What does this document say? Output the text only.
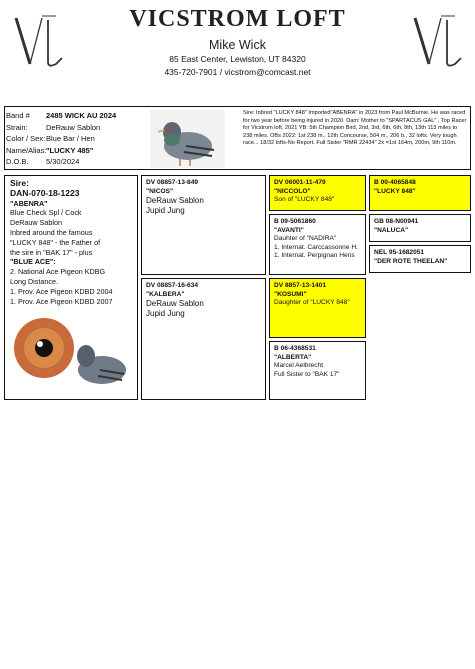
VICSTROM LOFT
Mike Wick
85 East Center, Lewiston, UT 84320
435-720-7901 / vicstrom@comcast.net
Band #	2485 WICK AU 2024
Strain:	DeRauw Sablon
Color / Sex: Blue Bar / Hen
Name/Alias: "LUCKY 485"
D.O.B.	5/30/2024
Sire: Inbred "LUCKY 848" Imported"ABENRA" in 2023 from Paul McBurnie. He was raced for two year before being injured in 2020. Dam: Mother to "SPARTACUS GAL" , Top Racer for Vicstrom loft. 2021 YB: 5th Champion Bird, 2nd, 3rd, 6th, 6th, 8th, 13th 113 miles to 238 miles. OBs 2022: 1st 238 m., 12th Concourse, 504 m., 206 b., 32 lofts. Very tough race... 18/32 lofts-No Report. Full Sister "RMR 22434" 2x =1st 164m, 200m, 9th 110m.
Sire:
DAN-070-18-1223
"ABENRA"
Blue Check Spl / Cock
DeRauw Sablon
Inbred around the famous
"LUCKY 848" - the Father of
the sire in "BAK 17" - plus
"BLUE ACE":
2. National Ace Pigeon KDBG
Long Distance.
1. Prov. Ace Pigeon KDBD 2004
1. Prov. Ace Pigeon KDBD 2007
DV 08857-13-849
"NICOS"
DeRauw Sablon
Jupid Jung
DV 08857-16-634
"KALBERA"
DeRauw Sablon
Jupid Jung
DV 06001-11-479
"NICCOLO"
Son of "LUCKY 848"
B 09-5061860
"AVANTI"
Dauhter of "NADIRA"
1. Internat. Carccassonne H.
1. Internat. Perpignan Hens
DV 8857-13-1401
"KOSUMI"
Daughter of "LUCKY 848"
B 06-4368531
"ALBERTA"
Marcel Aelbrecht
Full Sister to "BAK 17"
B 00-4065848
"LUCKY 848"
GB 08-N00941
"NALUCA"
NEL 95-1682051
"DER ROTE THEELAN"
